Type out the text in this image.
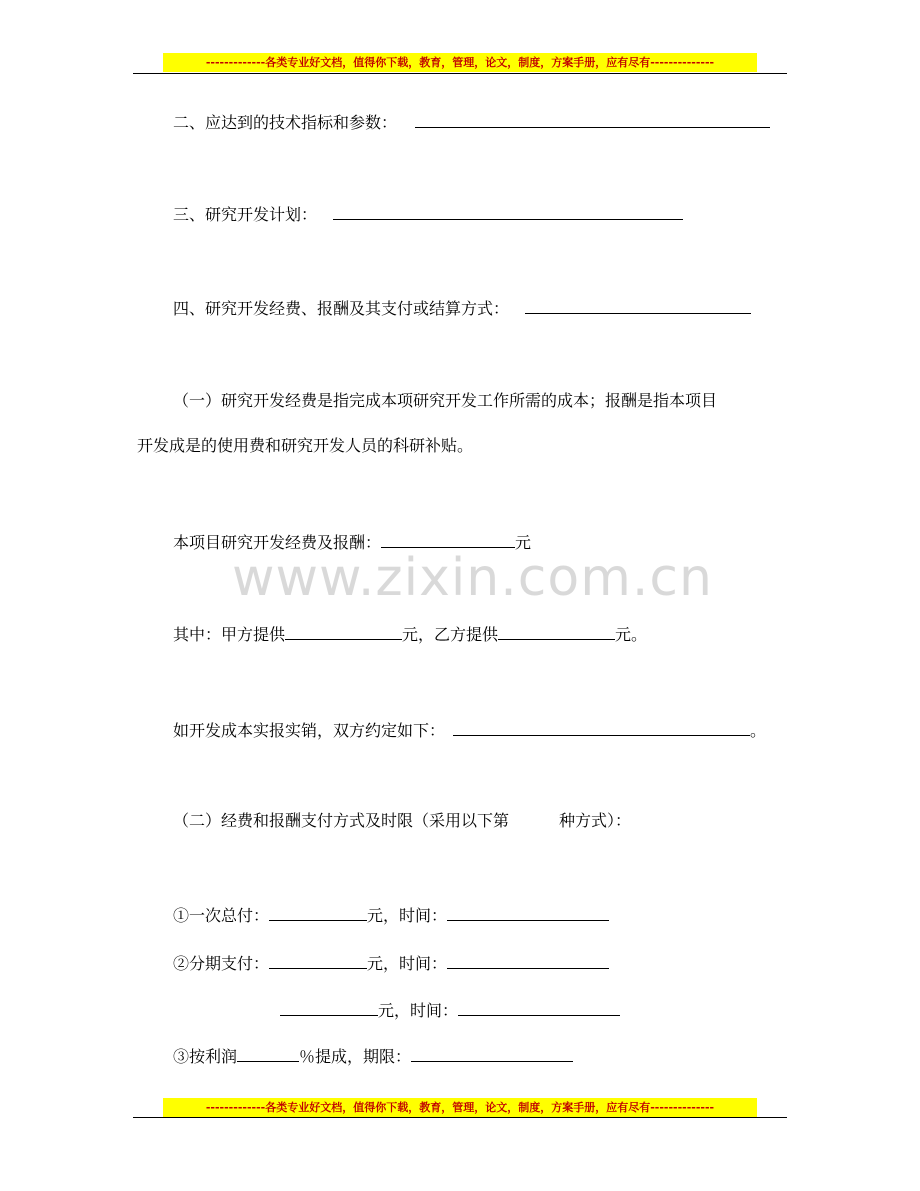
-------------各类专业好文档，值得你下载，教育，管理，论文，制度，方案手册，应有尽有--------------
www.zixin.com.cn
二、应达到的技术指标和参数：
三、研究开发计划：
四、研究开发经费、报酬及其支付或结算方式：
（一）研究开发经费是指完成本项研究开发工作所需的成本；报酬是指本项目
开发成是的使用费和研究开发人员的科研补贴。
本项目研究开发经费及报酬：	元
其中：甲方提供	元，乙方提供	元。
如开发成本实报实销，双方约定如下：	。
（二）经费和报酬支付方式及时限（采用以下第	种方式）：
①一次总付：	元，时间：
②分期支付：	元，时间：
元，时间：
③按利润	％提成，期限：
-------------各类专业好文档，值得你下载，教育，管理，论文，制度，方案手册，应有尽有--------------
